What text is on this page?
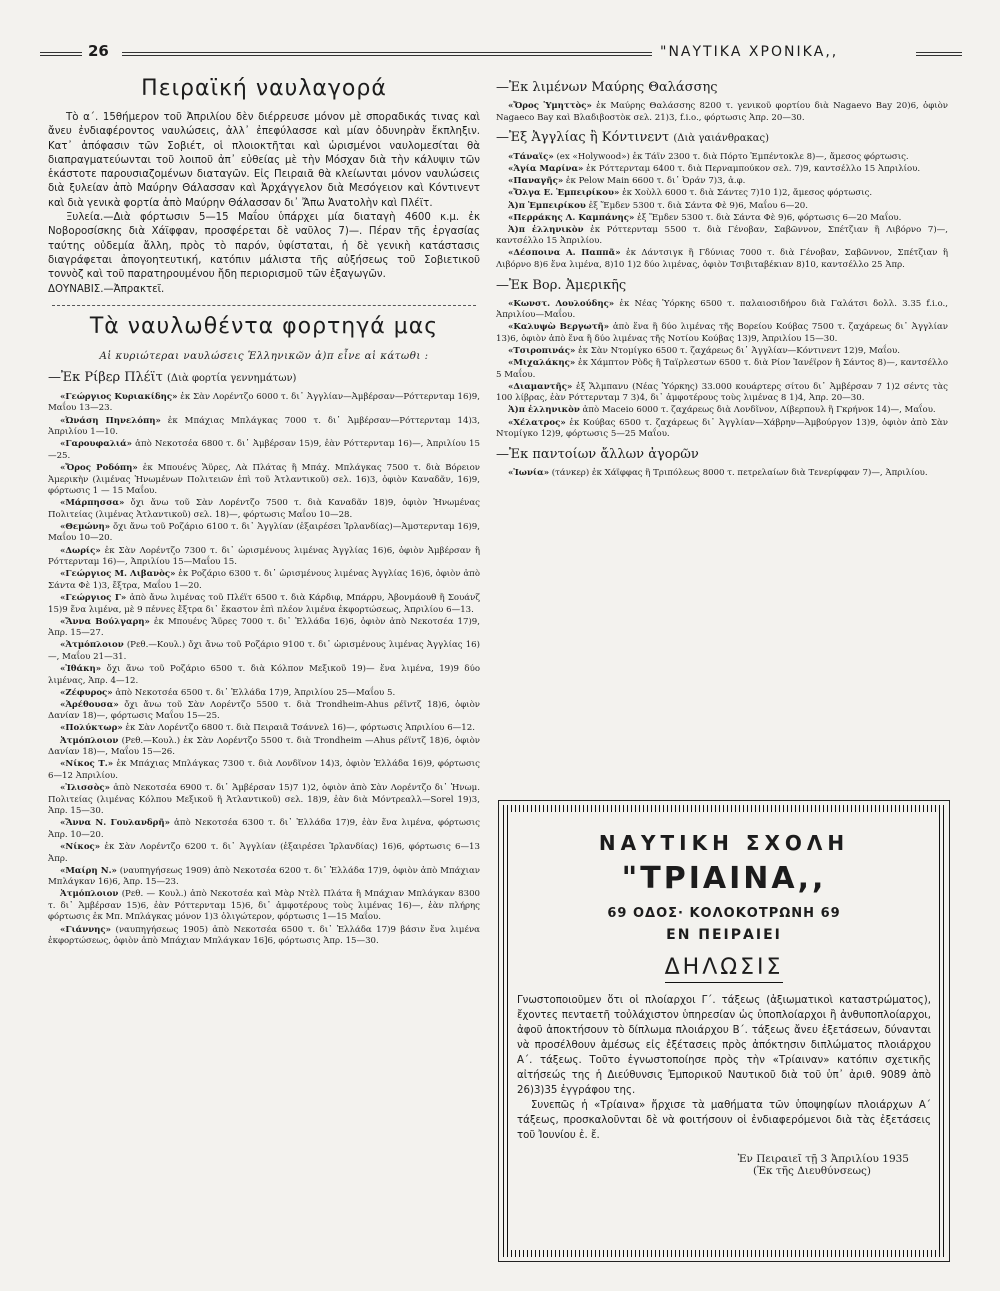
26	"ΝΑΥΤΙΚΑ ΧΡΟΝΙΚΑ,,
Πειραϊκή ναυλαγορά

Τὸ α΄. 15θήμερον τοῦ Ἀπριλίου δὲν διέρρευσε μόνον μὲ σποραδικάς τινας καὶ ἄνευ ἐνδιαφέροντος ναυλώσεις, ἀλλ᾽ ἐπεφύλασσε καὶ μίαν ὀδυνηρὰν ἔκπληξιν. Κατ᾽ ἀπόφασιν τῶν Σοβιέτ, οἱ πλοιοκτῆται καὶ ὡρισμένοι ναυλομεσίται θὰ διαπραγματεύωνται τοῦ λοιποῦ ἀπ᾽ εὐθείας μὲ τὴν Μόσχαν διὰ τὴν κάλυψιν τῶν ἑκάστοτε παρουσιαζομένων διαταγῶν. Εἰς Πειραιᾶ θὰ κλείωνται μόνον ναυλώσεις διὰ ξυλείαν ἀπὸ Μαύρην Θάλασσαν καὶ Ἀρχάγγελον διὰ Μεσόγειον καὶ Κόντινεντ καὶ διὰ γενικὰ φορτία ἀπὸ Μαύρην Θάλασσαν δι᾽ Ἄπω Ἀνατολὴν καὶ Πλέϊτ.

Ξυλεία.—Διὰ φόρτωσιν 5—15 Μαΐου ὑπάρχει μία διαταγὴ 4600 κ.μ. ἐκ Νοβοροσίσκης διὰ Χάϊφφαν, προσφέρεται δὲ ναῦλος 7)—. Πέραν τῆς ἐργασίας ταύτης οὐδεμία ἄλλη, πρὸς τὸ παρόν, ὑφίσταται, ἡ δὲ γενικὴ κατάστασις διαγράφεται ἀπογοητευτική, κατόπιν μάλιστα τῆς αὐξήσεως τοῦ Σοβιετικοῦ τοννὸζ καὶ τοῦ παρατηρουμένου ἤδη περιορισμοῦ τῶν ἐξαγωγῶν.

ΔΟΥΝΑΒΙΣ.—Ἀπρακτεῖ.

Τὰ ναυλωθέντα φορτηγά μας

Αἱ κυριώτεραι ναυλώσεις Ἑλληνικῶν ἀ)π εἶνε αἱ κάτωθι :

—Ἐκ Ρίβερ Πλέϊτ (Διὰ φορτία γεννημάτων)

«Γεώργιος Κυριακίδης» ἐκ Σὰν Λορέντζο 6000 τ. δι᾽ Ἀγγλίαν—Ἀμβέρσαν—Ρόττερνταμ 16)9, Μαΐου 13—23.

«Ὠνάση Πηνελόπη» ἐκ Μπάχιας Μπλάγκας 7000 τ. δι᾽ Ἀμβέρσαν—Ρόττερνταμ 14)3, Ἀπριλίου 1—10.

«Γαρουφαλιά» ἀπὸ Νεκοτσέα 6800 τ. δι᾽ Ἀμβέρσαν 15)9, ἐὰν Ρόττερνταμ 16)—, Ἀπριλίου 15—25.

«Ὄρος Ροδόπη» ἐκ Μπουένς Ἄϋρες, Λὰ Πλάτας ἢ Μπάχ. Μπλάγκας 7500 τ. διὰ Βόρειον Ἀμερικὴν (λιμένας Ἡνωμένων Πολιτειῶν ἐπὶ τοῦ Ἀτλαντικοῦ) σελ. 16)3, ὀφιὸν Καναδᾶν, 16)9, φόρτωσις 1 — 15 Μαΐου.

«Μάρπησσα» ὄχι ἄνω τοῦ Σὰν Λορέντζο 7500 τ. διὰ Καναδᾶν 18)9, ὀφιὸν Ἡνωμένας Πολιτείας (λιμένας Ἀτλαντικοῦ) σελ. 18)—, φόρτωσις Μαΐου 10—28.

«Θεμώνη» ὄχι ἄνω τοῦ Ροζάριο 6100 τ. δι᾽ Ἀγγλίαν (ἐξαιρέσει Ἰρλανδίας)—Ἀμστερνταμ 16)9, Μαΐου 10—20.

«Δωρίς» ἐκ Σὰν Λορέντζο 7300 τ. δι᾽ ὡρισμένους λιμένας Ἀγγλίας 16)6, ὀφιὸν Ἀμβέρσαν ἢ Ρόττερνταμ 16)—, Ἀπριλίου 15—Μαΐου 15.

«Γεώργιος Μ. Λιβανὸς» ἐκ Ροζάριο 6300 τ. δι᾽ ὡρισμένους λιμένας Ἀγγλίας 16)6, ὀφιὸν ἀπὸ Σάντα Φὲ 1)3, ἔξτρα, Μαΐου 1—20.

«Γεώργιος Γ» ἀπὸ ἄνω λιμένας τοῦ Πλέϊτ 6500 τ. διὰ Κάρδιφ, Μπάρρυ, Ἀβονμάουθ ἢ Σουάνζ 15)9 ἕνα λιμένα, μὲ 9 πέννες ἔξτρα δι᾽ ἕκαστον ἐπὶ πλέον λιμένα ἐκφορτώσεως, Ἀπριλίου 6—13.

«Ἄννα Βούλγαρη» ἐκ Μπουένς Ἄϋρες 7000 τ. δι᾽ Ἑλλάδα 16)6, ὀφιὸν ἀπὸ Νεκοτσέα 17)9, Ἀπρ. 15—27.

«Ἀτμόπλοιον (Ρεθ.—Κουλ.) ὄχι ἄνω τοῦ Ροζάριο 9100 τ. δι᾽ ὡρισμένους λιμένας Ἀγγλίας 16)—, Μαΐου 21—31.

«Ἰθάκη» ὄχι ἄνω τοῦ Ροζάριο 6500 τ. διὰ Κόλπον Μεξικοῦ 19)— ἕνα λιμένα, 19)9 δύο λιμένας, Ἀπρ. 4—12.

«Ζέφυρος» ἀπὸ Νεκοτσέα 6500 τ. δι᾽ Ἑλλάδα 17)9, Ἀπριλίου 25—Μαΐου 5.

«Ἀρέθουσα» ὄχι ἄνω τοῦ Σὰν Λορέντζο 5500 τ. διὰ Trondheim-Ahus ρέϊντζ 18)6, ὀφιὸν Δανίαν 18)—, φόρτωσις Μαΐου 15—25.

«Πολύκτωρ» ἐκ Σὰν Λορέντζο 6800 τ. διὰ Πειραιᾶ Τσάννελ 16)—, φόρτωσις Ἀπριλίου 6—12.

Ἀτμόπλοιον (Ρεθ.—Κουλ.) ἐκ Σὰν Λορέντζο 5500 τ. διὰ Trondheim —Ahus ρέϊντζ 18)6, ὀφιὸν Δανίαν 18)—, Μαΐου 15—26.

«Νίκος Τ.» ἐκ Μπάχιας Μπλάγκας 7300 τ. διὰ Λονδῖνον 14)3, ὀφιὸν Ἑλλάδα 16)9, φόρτωσις 6—12 Ἀπριλίου.

«Ἰλισσὸς» ἀπὸ Νεκοτσέα 6900 τ. δι᾽ Ἀμβέρσαν 15)7 1)2, ὀφιὸν ἀπὸ Σὰν Λορέντζο δι᾽ Ἡνωμ. Πολιτείας (λιμένας Κόλπου Μεξικοῦ ἢ Ἀτλαντικοῦ) σελ. 18)9, ἐὰν διὰ Μόντρεαλλ—Sorel 19)3, Ἀπρ. 15—30.

«Ἄννα Ν. Γουλανδρῆ» ἀπὸ Νεκοτσέα 6300 τ. δι᾽ Ἑλλάδα 17)9, ἐὰν ἕνα λιμένα, φόρτωσις Ἀπρ. 10—20.

«Νίκος» ἐκ Σὰν Λορέντζο 6200 τ. δι᾽ Ἀγγλίαν (ἐξαιρέσει Ἰρλανδίας) 16)6, φόρτωσις 6—13 Ἀπρ.

«Μαίρη Ν.» (ναυπηγήσεως 1909) ἀπὸ Νεκοτσέα 6200 τ. δι᾽ Ἑλλάδα 17)9, ὀφιὸν ἀπὸ Μπάχιαν Μπλάγκαν 16)6, Ἀπρ. 15—23.

Ἀτμόπλοιον (Ρεθ. — Κουλ.) ἀπὸ Νεκοτσέα καὶ Μὰρ Ντὲλ Πλάτα ἢ Μπάχιαν Μπλάγκαν 8300 τ. δι᾽ Ἀμβέρσαν 15)6, ἐὰν Ρόττερνταμ 15)6, δι᾽ ἀμφοτέρους τοὺς λιμένας 16)—, ἐὰν πλήρης φόρτωσις ἐκ Μπ. Μπλάγκας μόνον 1)3 ὀλιγώτερον, φόρτωσις 1—15 Μαΐου.

«Γιάννης» (ναυπηγήσεως 1905) ἀπὸ Νεκοτσέα 6500 τ. δι᾽ Ἑλλάδα 17)9 βάσιν ἕνα λιμένα ἐκφορτώσεως, ὀφιὸν ἀπὸ Μπάχιαν Μπλάγκαν 16]6, φόρτωσις Ἀπρ. 15—30.

—Ἐκ λιμένων Μαύρης Θαλάσσης

«Ὄρος Ὑμηττὸς» ἐκ Μαύρης Θαλάσσης 8200 τ. γενικοῦ φορτίου διὰ Nagaevo Bay 20)6, ὀφιὸν Nagaeco Bay καὶ Βλαδιβοστὸκ σελ. 21)3, f.i.o., φόρτωσις Ἀπρ. 20—30.

—Ἐξ Ἀγγλίας ἢ Κόντινεντ (Διὰ γαιάνθρακας)

«Τάναϊς» (ex «Holywood») ἐκ Τάϊν 2300 τ. διὰ Πόρτο Ἐμπέντοκλε 8)—, ἄμεσος φόρτωσις.

«Ἁγία Μαρίνα» ἐκ Ρόττερνταμ 6400 τ. διὰ Περναμπούκον σελ. 7)9, καντσέλλο 15 Ἀπριλίου.

«Παναγῆς» ἐκ Pelow Main 6600 τ. δι᾽ Ὀράν 7)3, ἀ.φ.

«Ὄλγα Ε. Ἐμπειρίκου» ἐκ Χοὺλλ 6000 τ. διὰ Σάντες 7)10 1)2, ἄμεσος φόρτωσις.

Ἀ)π Ἐμπειρίκου ἐξ Ἕμδεν 5300 τ. διὰ Σάντα Φὲ 9)6, Μαΐου 6—20.

«Περράκης Λ. Καμπάνης» ἐξ Ἕμδεν 5300 τ. διὰ Σάντα Φὲ 9)6, φόρτωσις 6—20 Μαΐου.

Ἀ)π ἑλληνικὸν ἐκ Ρόττερνταμ 5500 τ. διὰ Γένοβαν, Σαβῶννον, Σπέτζιαν ἢ Λιβόρνο 7)—, καντσέλλο 15 Ἀπριλίου.

«Δέσποινα Α. Παππᾶ» ἐκ Δάντσιγκ ἢ Γδύνιας 7000 τ. διὰ Γένοβαν, Σαβῶννον, Σπέτζιαν ἢ Λιβόρνο 8)6 ἕνα λιμένα, 8)10 1)2 δύο λιμένας, ὀφιὸν Τσιβιταβέκιαν 8)10, καντσέλλο 25 Ἀπρ.

—Ἐκ Βορ. Ἀμερικῆς

«Κωνστ. Λουλούδης» ἐκ Νέας Ὑόρκης 6500 τ. παλαιοσιδήρου διὰ Γαλάτσι δολλ. 3.35 f.i.o., Ἀπριλίου—Μαΐου.

«Καλυψὼ Βεργωτῆ» ἀπὸ ἕνα ἢ δύο λιμένας τῆς Βορείου Κούβας 7500 τ. ζαχάρεως δι᾽ Ἀγγλίαν 13)6, ὀφιὸν ἀπὸ ἕνα ἢ δύο λιμένας τῆς Νοτίου Κούβας 13)9, Ἀπριλίου 15—30.

«Τσιροπινάς» ἐκ Σὰν Ντομίγκο 6500 τ. ζαχάρεως δι᾽ Ἀγγλίαν—Κόντινεντ 12)9, Μαΐου.

«Μιχαλάκης» ἐκ Χάμπτον Ρὸδς ἢ Ταϊρλεστων 6500 τ. διὰ Ρίον Ἰανέϊρον ἢ Σάντος 8)—, καντσέλλο 5 Μαΐου.

«Διαμαντῆς» ἐξ Ἄλμπανυ (Νέας Ὑόρκης) 33.000 κουάρτερς σίτου δι᾽ Ἀμβέρσαν 7 1)2 σέντς τὰς 100 λίβρας, ἐὰν Ρόττερνταμ 7 3)4, δι᾽ ἀμφοτέρους τοὺς λιμένας 8 1)4, Ἀπρ. 20—30.

Ἀ)π ἑλληνικὸν ἀπὸ Maceio 6000 τ. ζαχάρεως διὰ Λονδῖνον, Λίβερπουλ ἢ Γκρήνοκ 14)—, Μαΐου.

«Χέλατρος» ἐκ Κούβας 6500 τ. ζαχάρεως δι᾽ Ἀγγλίαν—Χάβρην—Ἀμβούργον 13)9, ὀφιὸν ἀπὸ Σὰν Ντομίγκο 12)9, φόρτωσις 5—25 Μαΐου.

—Ἐκ παντοίων ἄλλων ἀγορῶν

«Ἰωνία» (τάνκερ) ἐκ Χάϊφφας ἢ Τριπόλεως 8000 τ. πετρελαίων διὰ Τενερίφφαν 7)—, Ἀπριλίου.

ΝΑΥΤΙΚΗ ΣΧΟΛΗ
"ΤΡΙΑΙΝΑ,,
69 ΟΔΟΣ· ΚΟΛΟΚΟΤΡΩΝΗ 69
ΕΝ ΠΕΙΡΑΙΕΙ
ΔΗΛΩΣΙΣ
Γνωστοποιοῦμεν ὅτι οἱ πλοίαρχοι Γ΄. τάξεως (ἀξιωματικοὶ καταστρώματος), ἔχοντες πενταετῆ τοὐλάχιστον ὑπηρεσίαν ὡς ὑποπλοίαρχοι ἢ ἀνθυποπλοίαρχοι, ἀφοῦ ἀποκτήσουν τὸ δίπλωμα πλοιάρχου Β΄. τάξεως ἄνευ ἐξετάσεων, δύνανται νὰ προσέλθουν ἀμέσως εἰς ἐξέτασεις πρὸς ἀπόκτησιν διπλώματος πλοιάρχου Α΄. τάξεως. Τοῦτο ἐγνωστοποίησε πρὸς τὴν «Τρίαιναν» κατόπιν σχετικῆς αἰτήσεώς της ἡ Διεύθυνσις Ἐμπορικοῦ Ναυτικοῦ διὰ τοῦ ὑπ᾽ ἀριθ. 9089 ἀπὸ 26)3)35 ἐγγράφου της.
Συνεπῶς ἡ «Τρίαινα» ἤρχισε τὰ μαθήματα τῶν ὑποψηφίων πλοιάρχων Α΄ τάξεως, προσκαλοῦνται δὲ νὰ φοιτήσουν οἱ ἐνδιαφερόμενοι διὰ τὰς ἐξετάσεις τοῦ Ἰουνίου ἐ. ἔ.
Ἐν Πειραιεῖ τῇ 3 Ἀπριλίου 1935
(Ἐκ τῆς Διευθύνσεως)
